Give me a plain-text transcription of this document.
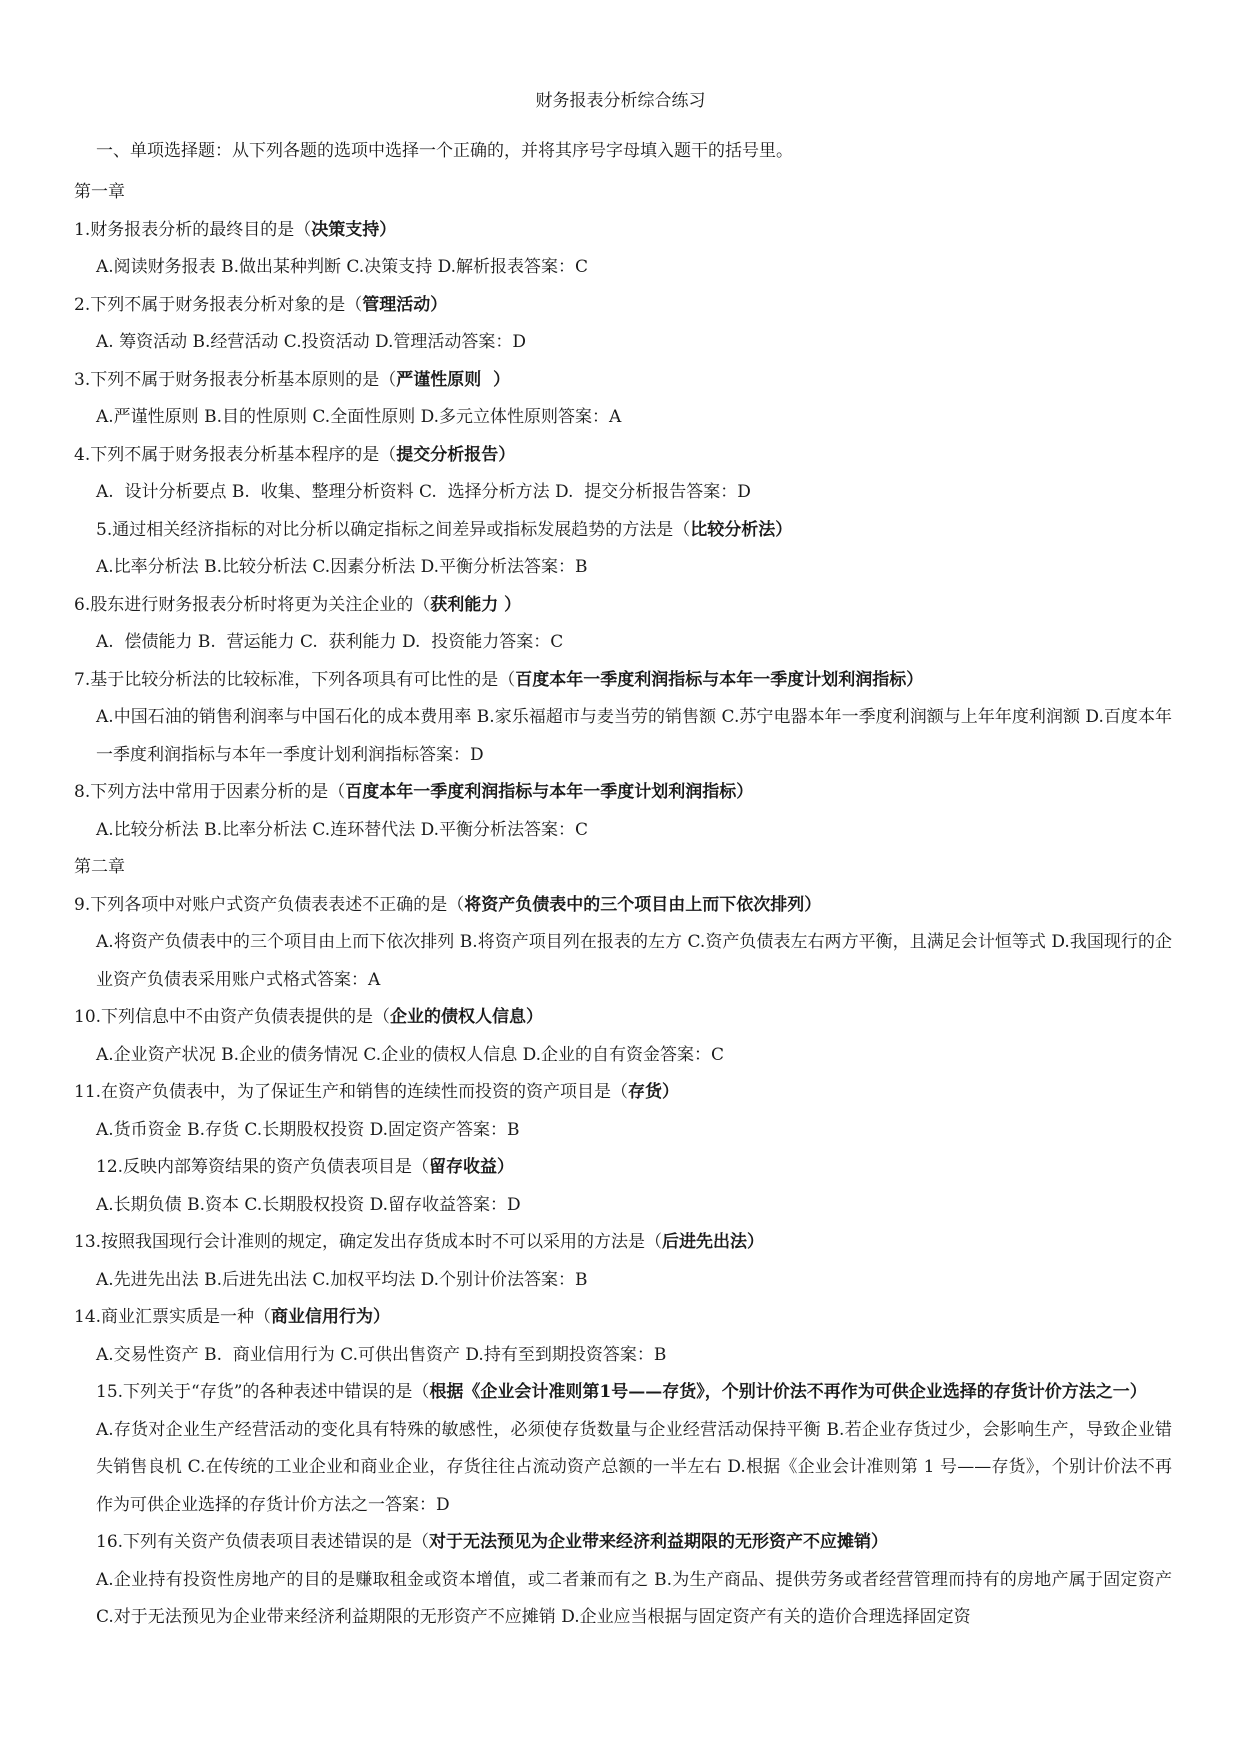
财务报表分析综合练习
一、单项选择题：从下列各题的选项中选择一个正确的，并将其序号字母填入题干的括号里。
第一章
1.财务报表分析的最终目的是（决策支持）
A.阅读财务报表 B.做出某种判断 C.决策支持 D.解析报表答案：C
2.下列不属于财务报表分析对象的是（管理活动）
A. 筹资活动 B.经营活动 C.投资活动 D.管理活动答案：D
3.下列不属于财务报表分析基本原则的是（严谨性原则  ）
A.严谨性原则 B.目的性原则 C.全面性原则 D.多元立体性原则答案：A
4.下列不属于财务报表分析基本程序的是（提交分析报告）
A.  设计分析要点 B.  收集、整理分析资料 C.  选择分析方法 D.  提交分析报告答案：D
5.通过相关经济指标的对比分析以确定指标之间差异或指标发展趋势的方法是（比较分析法）
A.比率分析法 B.比较分析法 C.因素分析法 D.平衡分析法答案：B
6.股东进行财务报表分析时将更为关注企业的（获利能力 ）
A.  偿债能力 B.  营运能力 C.  获利能力 D.  投资能力答案：C
7.基于比较分析法的比较标准，下列各项具有可比性的是（百度本年一季度利润指标与本年一季度计划利润指标）
A.中国石油的销售利润率与中国石化的成本费用率 B.家乐福超市与麦当劳的销售额 C.苏宁电器本年一季度利润额与上年年度利润额 D.百度本年一季度利润指标与本年一季度计划利润指标答案：D
8.下列方法中常用于因素分析的是（百度本年一季度利润指标与本年一季度计划利润指标）
A.比较分析法 B.比率分析法 C.连环替代法 D.平衡分析法答案：C
第二章
9.下列各项中对账户式资产负债表表述不正确的是（将资产负债表中的三个项目由上而下依次排列）
A.将资产负债表中的三个项目由上而下依次排列 B.将资产项目列在报表的左方 C.资产负债表左右两方平衡，且满足会计恒等式 D.我国现行的企业资产负债表采用账户式格式答案：A
10.下列信息中不由资产负债表提供的是（企业的债权人信息）
A.企业资产状况 B.企业的债务情况 C.企业的债权人信息 D.企业的自有资金答案：C
11.在资产负债表中，为了保证生产和销售的连续性而投资的资产项目是（存货）
A.货币资金 B.存货 C.长期股权投资 D.固定资产答案：B
12.反映内部筹资结果的资产负债表项目是（留存收益）
A.长期负债 B.资本 C.长期股权投资 D.留存收益答案：D
13.按照我国现行会计准则的规定，确定发出存货成本时不可以采用的方法是（后进先出法）
A.先进先出法 B.后进先出法 C.加权平均法 D.个别计价法答案：B
14.商业汇票实质是一种（商业信用行为）
A.交易性资产 B.  商业信用行为 C.可供出售资产 D.持有至到期投资答案：B
15.下列关于“存货”的各种表述中错误的是（根据《企业会计准则第1号——存货》，个别计价法不再作为可供企业选择的存货计价方法之一）
A.存货对企业生产经营活动的变化具有特殊的敏感性，必须使存货数量与企业经营活动保持平衡 B.若企业存货过少，会影响生产，导致企业错失销售良机 C.在传统的工业企业和商业企业，存货往往占流动资产总额的一半左右 D.根据《企业会计准则第 1 号——存货》，个别计价法不再作为可供企业选择的存货计价方法之一答案：D
16.下列有关资产负债表项目表述错误的是（对于无法预见为企业带来经济利益期限的无形资产不应摊销）
A.企业持有投资性房地产的目的是赚取租金或资本增值，或二者兼而有之 B.为生产商品、提供劳务或者经营管理而持有的房地产属于固定资产 C.对于无法预见为企业带来经济利益期限的无形资产不应摊销 D.企业应当根据与固定资产有关的造价合理选择固定资
